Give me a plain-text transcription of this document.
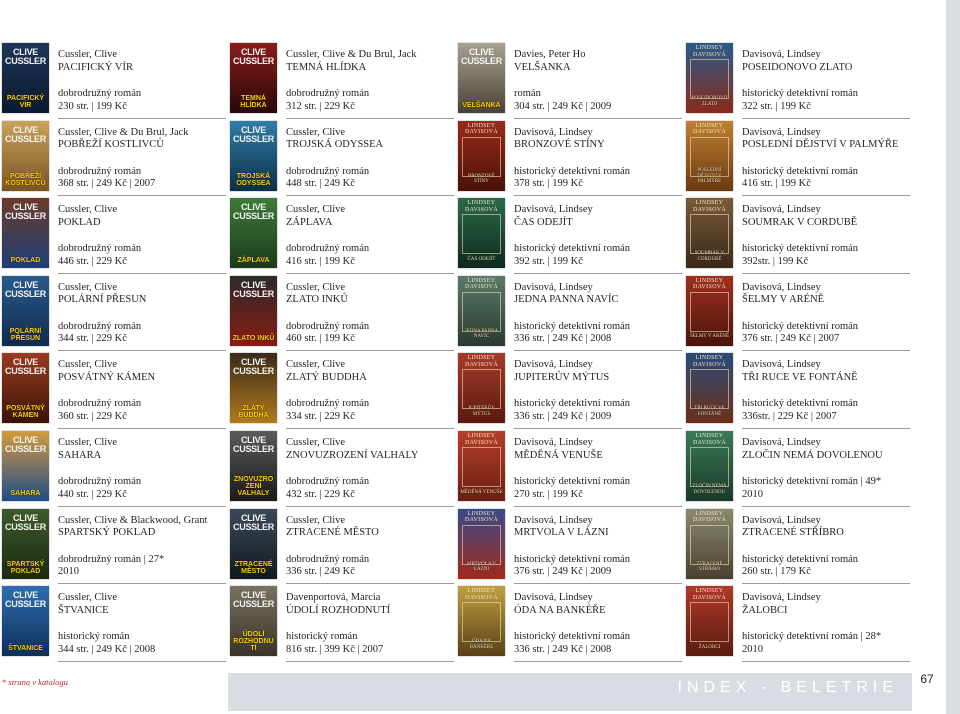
CLIVE CUSSLER
PACIFICKÝ VÍR
Cussler, Clive
PACIFICKÝ VÍR
dobrodružný román
230 str. | 199 Kč
CLIVE CUSSLER
POBŘEŽÍ KOSTLIVCŮ
Cussler, Clive & Du Brul, Jack
POBŘEŽÍ KOSTLIVCŮ
dobrodružný román
368 str. | 249 Kč | 2007
CLIVE CUSSLER
POKLAD
Cussler, Clive
POKLAD
dobrodružný román
446 str. | 229 Kč
CLIVE CUSSLER
POLÁRNÍ PŘESUN
Cussler, Clive
POLÁRNÍ PŘESUN
dobrodružný román
344 str. | 229 Kč
CLIVE CUSSLER
POSVÁTNÝ KÁMEN
Cussler, Clive
POSVÁTNÝ KÁMEN
dobrodružný román
360 str. | 229 Kč
CLIVE CUSSLER
SAHARA
Cussler, Clive
SAHARA
dobrodružný román
440 str. | 229 Kč
CLIVE CUSSLER
SPARTSKÝ POKLAD
Cussler, Clive & Blackwood, Grant
SPARTSKÝ POKLAD
dobrodružný román | 27*
2010
CLIVE CUSSLER
ŠTVANICE
Cussler, Clive
ŠTVANICE
historický román
344 str. | 249 Kč | 2008
CLIVE CUSSLER
TEMNÁ HLÍDKA
Cussler, Clive & Du Brul, Jack
TEMNÁ HLÍDKA
dobrodružný román
312 str. | 229 Kč
CLIVE CUSSLER
TROJSKÁ ODYSSEA
Cussler, Clive
TROJSKÁ ODYSSEA
dobrodružný román
448 str. | 249 Kč
CLIVE CUSSLER
ZÁPLAVA
Cussler, Clive
ZÁPLAVA
dobrodružný román
416 str. | 199 Kč
CLIVE CUSSLER
ZLATO INKŮ
Cussler, Clive
ZLATO INKŮ
dobrodružný román
460 str. | 199 Kč
CLIVE CUSSLER
ZLATÝ BUDDHA
Cussler, Clive
ZLATÝ BUDDHA
dobrodružný román
334 str. | 229 Kč
CLIVE CUSSLER
ZNOVUZROZENÍ VALHALY
Cussler, Clive
ZNOVUZROZENÍ VALHALY
dobrodružný román
432 str. | 229 Kč
CLIVE CUSSLER
ZTRACENÉ MĚSTO
Cussler, Clive
ZTRACENÉ MĚSTO
dobrodružný román
336 str. | 249 Kč
CLIVE CUSSLER
ÚDOLÍ ROZHODNUTÍ
Davenportová, Marcia
ÚDOLÍ ROZHODNUTÍ
historický román
816 str. | 399 Kč | 2007
CLIVE CUSSLER
VELŠANKA
Davies, Peter Ho
VELŠANKA
román
304 str. | 249 Kč | 2009
LINDSEY DAVISOVÁ
BRONZOVÉ STÍNY
Davisová, Lindsey
BRONZOVÉ STÍNY
historický detektivní román
378 str. | 199 Kč
LINDSEY DAVISOVÁ
ČAS ODEJÍT
Davisová, Lindsey
ČAS ODEJÍT
historický detektivní román
392 str. | 199 Kč
LINDSEY DAVISOVÁ
JEDNA PANNA NAVÍC
Davisová, Lindsey
JEDNA PANNA NAVÍC
historický detektivní román
336 str. | 249 Kč | 2008
LINDSEY DAVISOVÁ
JUPITERŮV MÝTUS
Davisová, Lindsey
JUPITERŮV MÝTUS
historický detektivní román
336 str. | 249 Kč | 2009
LINDSEY DAVISOVÁ
MĚDĚNÁ VENUŠE
Davisová, Lindsey
MĚDĚNÁ VENUŠE
historický detektivní román
270 str. | 199 Kč
LINDSEY DAVISOVÁ
MRTVOLA V LÁZNI
Davisová, Lindsey
MRTVOLA V LÁZNI
historický detektivní román
376 str. | 249 Kč | 2009
LINDSEY DAVISOVÁ
ÓDA NA BANKÉŘE
Davisová, Lindsey
ÓDA NA BANKÉŘE
historický detektivní román
336 str. | 249 Kč | 2008
LINDSEY DAVISOVÁ
POSEIDONOVO ZLATO
Davisová, Lindsey
POSEIDONOVO ZLATO
historický detektivní román
322 str. | 199 Kč
LINDSEY DAVISOVÁ
POSLEDNÍ DĚJSTVÍ V PALMÝŘE
Davisová, Lindsey
POSLEDNÍ DĚJSTVÍ V PALMÝŘE
historický detektivní román
416 str. | 199 Kč
LINDSEY DAVISOVÁ
SOUMRAK V CORDUBĚ
Davisová, Lindsey
SOUMRAK V CORDUBĚ
historický detektivní román
392str. | 199 Kč
LINDSEY DAVISOVÁ
ŠELMY V ARÉNĚ
Davisová, Lindsey
ŠELMY V ARÉNĚ
historický detektivní román
376 str. | 249 Kč | 2007
LINDSEY DAVISOVÁ
TŘI RUCE VE FONTÁNĚ
Davisová, Lindsey
TŘI RUCE VE FONTÁNĚ
historický detektivní román
336str. | 229 Kč | 2007
LINDSEY DAVISOVÁ
ZLOČIN NEMÁ DOVOLENOU
Davisová, Lindsey
ZLOČIN NEMÁ DOVOLENOU
historický detektivní román | 49*
2010
LINDSEY DAVISOVÁ
ZTRACENÉ STŘÍBRO
Davisová, Lindsey
ZTRACENÉ STŘÍBRO
historický detektivní román
260 str. | 179 Kč
LINDSEY DAVISOVÁ
ŽALOBCI
Davisová, Lindsey
ŽALOBCI
historický detektivní román | 28*
2010
* strana v katalogu	INDEX - BELETRIE	67
